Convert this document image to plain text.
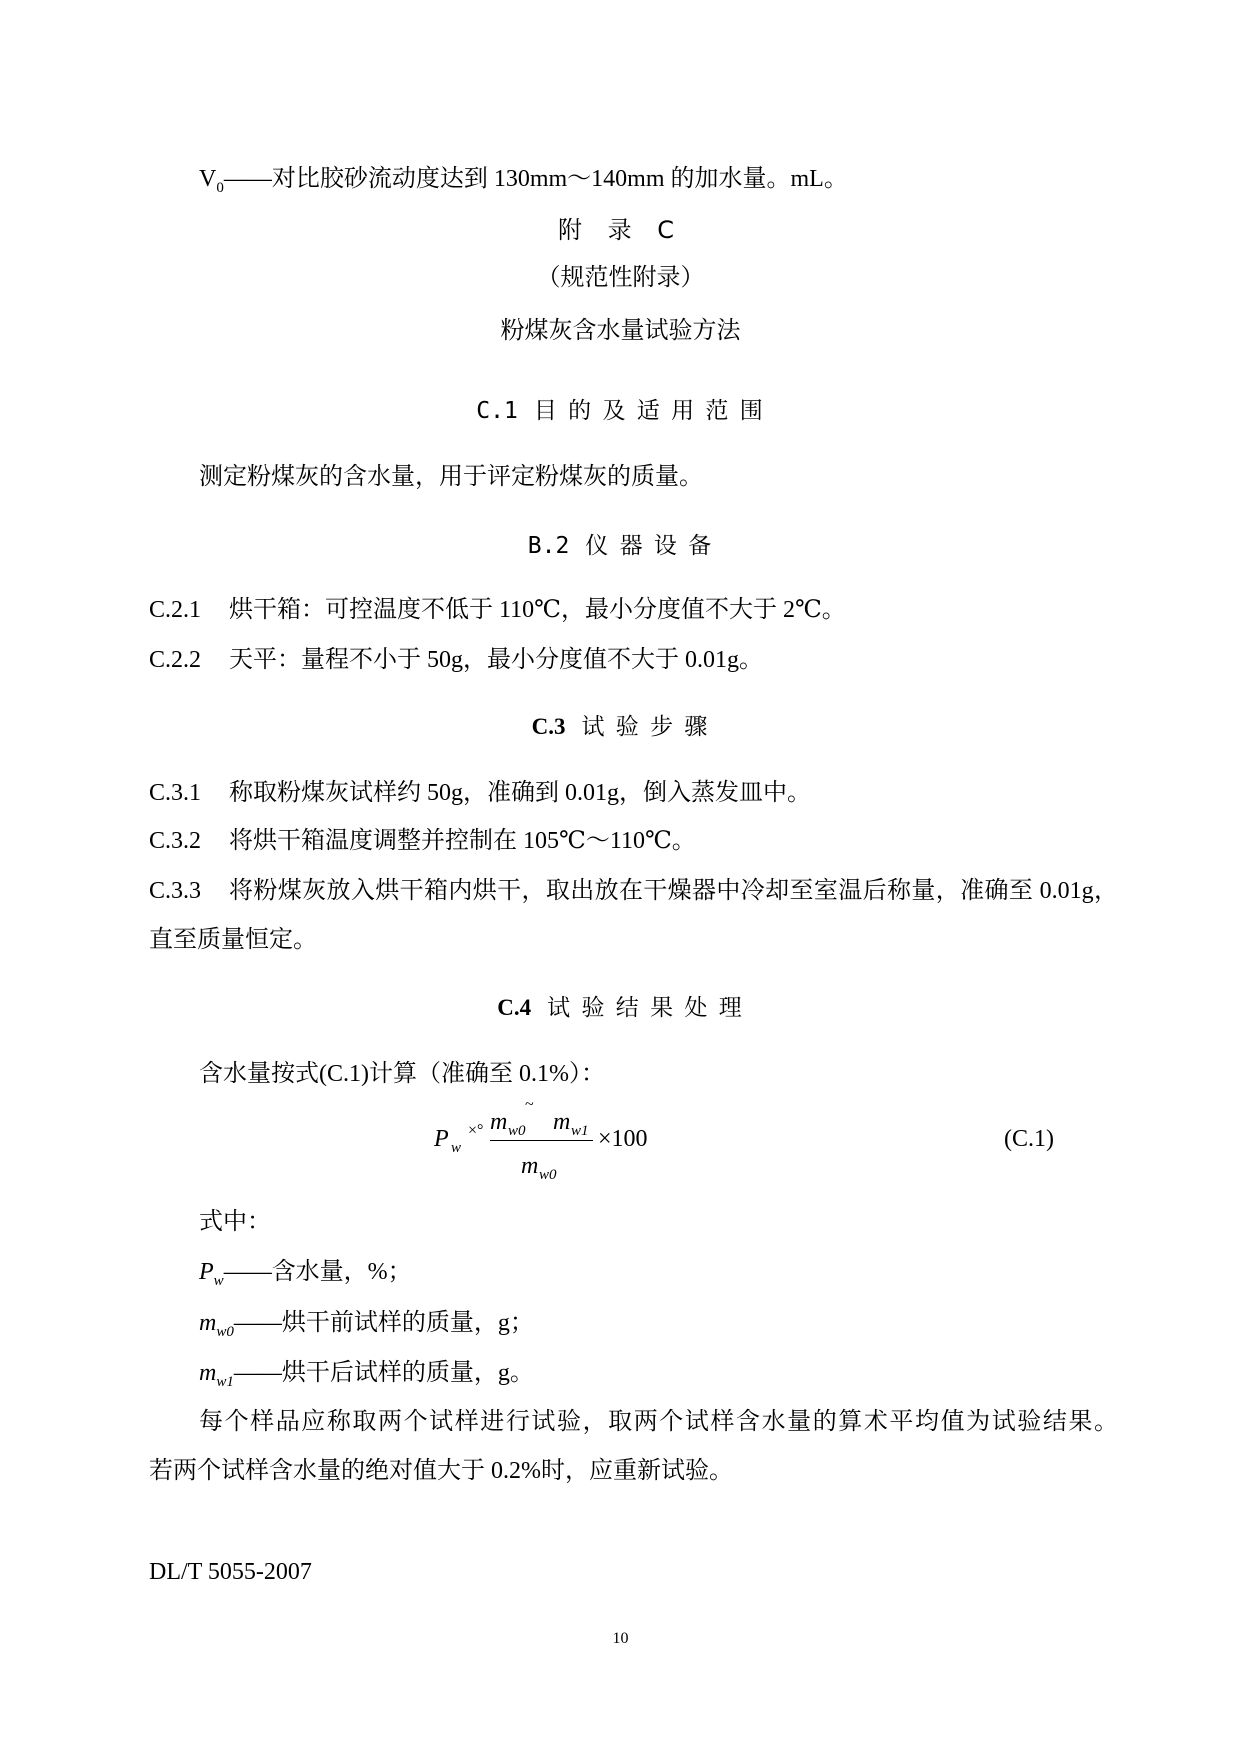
$V_0——$对比胶砂流动度达到 130mm～140mm 的加水量。mL。
附 录 C
（规范性附录）
粉煤灰含水量试验方法
C.1 目 的 及 适 用 范 围
测定粉煤灰的含水量，用于评定粉煤灰的质量。
B.2 仪 器 设 备
C.2.1 烘干箱：可控温度不低于 110℃，最小分度值不大于 2℃。
C.2.2 天平：量程不小于 50g，最小分度值不大于 0.01g。
C.3 试 验 步 骤
C.3.1 称取粉煤灰试样约 50g，准确到 0.01g，倒入蒸发皿中。
C.3.2 将烘干箱温度调整并控制在 105℃～110℃。
C.3.3 将粉煤灰放入烘干箱内烘干，取出放在干燥器中冷却至室温后称量，准确至 0.01g，
直至质量恒定。
C.4 试 验 结 果 处 理
含水量按式(C.1)计算（准确至 0.1%）：
P w
×° m w0
~
m w1
m w0
×100	(C.1)
式中：
$P_w——$含水量，%；
$m_{w0}——$烘干前试样的质量，g；
$m_{w1}——$烘干后试样的质量，g。
每个样品应称取两个试样进行试验，取两个试样含水量的算术平均值为试验结果。
若两个试样含水量的绝对值大于 0.2%时，应重新试验。
DL/T 5055-2007
10
